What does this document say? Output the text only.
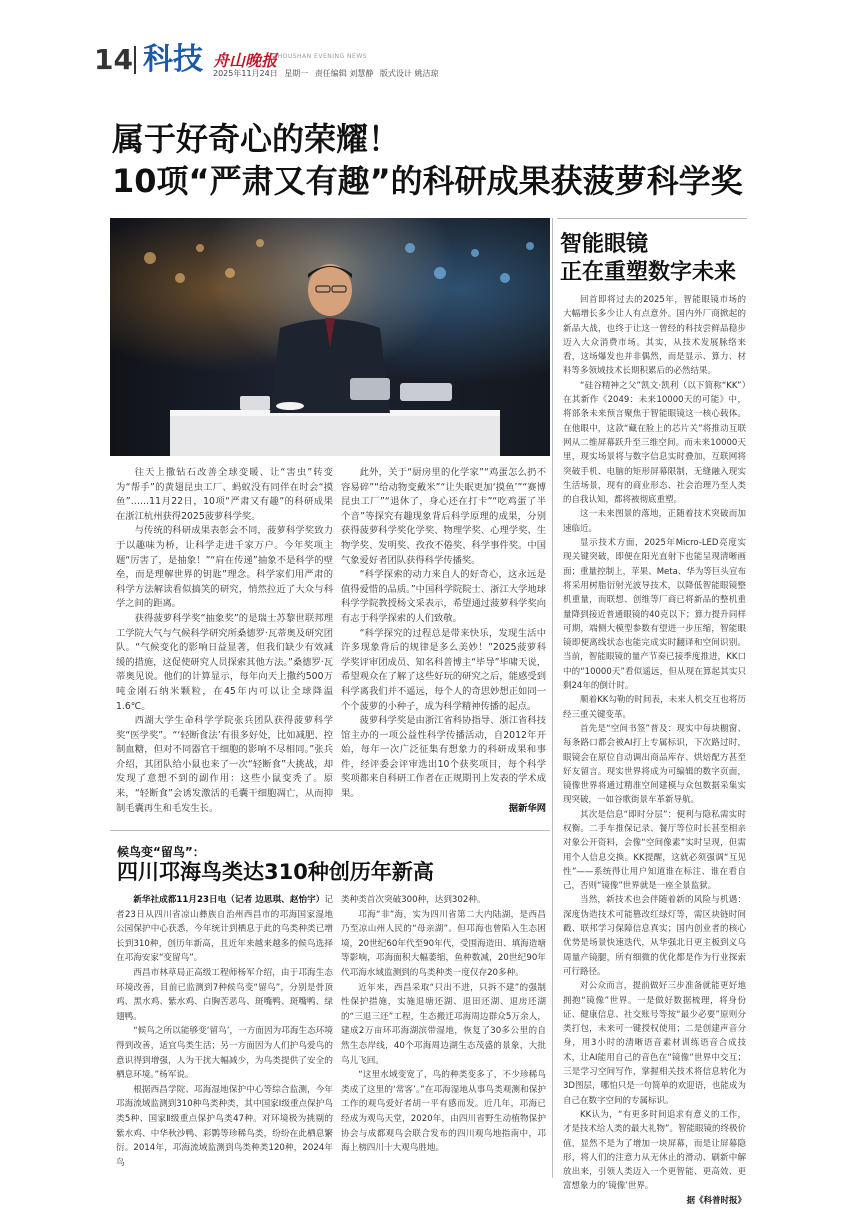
14 科技 舟山晚报
ZHOUSHAN EVENING NEWS
2025年11月24日 星期一 责任编辑 刘慧静 版式设计 姚洁琼
属于好奇心的荣耀！
10项“严肃又有趣”的科研成果获菠萝科学奖

往天上撒钻石改善全球变暖、让“害虫”转变为“帮手”的黄翅昆虫工厂、蚂蚁没有同伴在时会“摸鱼”……11月22日，10项“严肃又有趣”的科研成果在浙江杭州获得2025菠萝科学奖。

与传统的科研成果表彰会不同，菠萝科学奖致力于以趣味为桥，让科学走进千家万户。今年奖项主题“厉害了，是抽象！”“肩在传递”抽象不是科学的壁垒，而是理解世界的钥匙”理念。科学家们用严肃的科学方法解读看似搞笑的研究，悄然拉近了大众与科学之间的距离。

获得菠萝科学奖“抽象奖”的是瑞士苏黎世联邦理工学院大气与气候科学研究所桑德罗·瓦蒂奥及研究团队。“气候变化的影响日益显著，但我们缺少有效减缓的措施，这促使研究人员探索其他方法。”桑德罗·瓦蒂奥见说。他们的计算显示，每年向天上撒约500万吨金刚石纳米颗粒，在45年内可以让全球降温1.6℃。

西湖大学生命科学学院张兵团队获得菠萝科学奖“医学奖”。“‘轻断食法’有很多好处，比如减肥、控制血糖，但对不同器官干细胞的影响不尽相同。”张兵介绍，其团队给小鼠也来了一次“轻断食”大挑战，却发现了意想不到的副作用：这些小鼠变秃了。原来，“轻断食”会诱发激活的毛囊干细胞凋亡，从而抑制毛囊再生和毛发生长。

此外，关于“厨房里的化学家”“鸡蛋怎么扔不容易碎”“给动物变戴米”“让失眠更加‘摸鱼’”“赛博昆虫工厂”“退休了，身心还在打卡”“吃鸡蛋了半个音”等探究有趣现象背后科学原理的成果，分别获得菠萝科学奖化学奖、物理学奖、心理学奖、生物学奖、发明奖、孜孜不倦奖、科学事件奖。中国气象爱好者团队获得科学传播奖。

“科学探索的动力来自人的好奇心，这永远是值得爱惜的品质。”中国科学院院士、浙江大学地球科学学院教授杨文采表示，希望通过菠萝科学奖向有志于科学探索的人们致敬。

“科学探究的过程总是带来快乐，发现生活中许多现象背后的规律是多么美妙！”2025菠萝科学奖评审团成员、知名科普博主“毕导”毕啸天说，希望观众在了解了这些好玩的研究之后，能感受到科学离我们并不遥远，每个人的奇思妙想正如同一个个菠萝的小种子，成为科学精神传播的起点。

菠萝科学奖是由浙江省科协指导、浙江省科技馆主办的一项公益性科学传播活动，自2012年开始，每年一次广泛征集有想象力的科研成果和事件，经评委会评审选出10个获奖项目，每个科学奖项都来自科研工作者在正规期刊上发表的学术成果。

据新华网
智能眼镜
正在重塑数字未来

回首即将过去的2025年，智能眼镜市场的大幅增长多少让人有点意外。国内外厂商掀起的新品大战，也终于让这一曾经的科技尝鲜品稳步迈入大众消费市场。其实，从技术发展脉络来看，这场爆发也并非偶然，而是显示、算力、材料等多领域技术长期积累后的必然结果。

“硅谷精神之父”凯文·凯利（以下简称“KK”）在其新作《2049：未来10000天的可能》中，将部条未来预言聚焦于智能眼镜这一核心载体。在他眼中，这款“藏在脸上的芯片关”将推动互联网从二维屏幕跃升至三维空间。而未来10000天里，现实场景将与数字信息实时叠加，互联网将突破手机、电脑的矩形屏幕限制，无缝融入现实生活场景，现有的商业形态、社会治理乃至人类的自我认知，都将被彻底重塑。

这一未来图景的落地，正随着技术突破而加速临近。

显示技术方面，2025年Micro-LED亮度实现关键突破，即便在阳光直射下也能呈现清晰画面；重量控制上，苹果、Meta、华为等巨头宣布将采用树脂衍射光波导技术，以降低智能眼镜整机重量，而联想、创维等厂商已将新品的整机重量降到接近普通眼镜的40克以下；算力提升同样可期，端侧大模型参数有望进一步压缩，智能眼镜即便离线状态也能完成实时翻译和空间识别。当前，智能眼镜的量产节奏已接季度推进，KK口中的“10000天”看似遥远，但从现在算起其实只剩24年的倒计时。

顺着KK勾勒的时间表，未来人机交互也将历经三重关键变革。

首先是“空间书签”普及：现实中每块橱窗、每条路口都会被AI打上专属标识，下次路过时，眼镜会在原位自动调出商品库存、烘焙配方甚至好友留言。现实世界将成为可编辑的数字页面，镜像世界将通过精准空间建模与众包数据采集实现突破，一如谷歌街景车革新导航。

其次是信息“即时分层”：便利与隐私需实时权衡。二手车推保记录、餐厅等位时长甚至相亲对象公开资料，会像“空间像素”实时呈现，但需用个人信息交换。KK提醒，这就必须强调“互见性”——系统得让用户知道谁在标注、谁在看自己，否则“镜像”世界就是一座全景监狱。

当然，新技术也会伴随着新的风险与机遇：深度伪造技术可能篡改红绿灯等，需区块链时间戳、联邦学习保障信息真实；国内创业者的核心优势是场景快速迭代，从华强北日更主板到义乌周量产镜腿，所有细微的优化都是作为行业探索可行路径。

对公众而言，提前做好三步准备就能更好地拥抱“镜像”世界。一是做好数据梳理，将身份证、健康信息、社交账号等按“最少必要”原则分类打包，未来可一键授权使用；二是创建声音分身，用3小时的清晰语音素材训练语音合成技术，让AI能用自己的音色在“镜像”世界中交互；三是学习空间写作，掌握相关技术将信息转化为3D图层，哪怕只是一句简单的欢迎语，也能成为自己在数字空间的专属标识。

KK认为，“有更多时间追求有意义的工作，才是技术给人类的最大礼物”。智能眼镜的终极价值，显然不是为了增加一块屏幕，而是让屏幕隐形，将人们的注意力从无休止的滑动、刷新中解放出来，引领人类迈入一个更智能、更高效、更富想象力的‘镜像’世界。

据《科普时报》
候鸟变“留鸟”：
四川邛海鸟类达310种创历年新高

新华社成都11月23日电（记者 边思琪、赵怡宇）记者23日从四川省凉山彝族自治州西昌市的邛海国家湿地公园保护中心获悉，今年统计到栖息于此的鸟类种类已增长到310种，创历年新高，且近年来越来越多的候鸟选择在邛海安家“变留鸟”。

西昌市林草局正高级工程师杨军介绍，由于邛海生态环境改善，目前已监测到7种候鸟变“留鸟”，分别是骨顶鸡、黑水鸡、紫水鸡、白胸苦恶鸟、斑嘴鸭、斑嘴鸭、绿翅鸭。

“候鸟之所以能够变‘留鸟’，一方面因为邛海生态环境得到改善，适宜鸟类生活；另一方面因为人们护鸟爱鸟的意识得到增强，人为干扰大幅减少，为鸟类提供了安全的栖息环境。”杨军说。

根据西昌学院、邛海湿地保护中心等综合监测，今年邛海流域监测到310种鸟类种类，其中国家Ⅰ级重点保护鸟类5种、国家Ⅱ级重点保护鸟类47种。对环境极为挑剔的紫水鸡、中华秋沙鸭、彩鹮等珍稀鸟类，纷纷在此栖息繁衍。2014年，邛海流域监测到鸟类种类120种，2024年鸟

类种类首次突破300种，达到302种。

邛海“非”海，实为四川省第二大内陆湖，是西昌乃至凉山州人民的“母亲湖”。但邛海也曾陷入生态困境，20世纪60年代至90年代，受围海造田、填海造塘等影响，邛海面积大幅萎缩，鱼种数减，20世纪90年代邛海水域监测到的鸟类种类一度仅存20多种。

近年来，西昌采取“只出不进，只拆不建”的强制性保护措施，实施退塘还湖、退田还湖、退房还湖的“三退三还”工程，生态搬迁邛海周边群众5万余人，建成2万亩环邛海湖滨带湿地，恢复了30多公里的自然生态岸线，40个邛海周边湖生态茂盛的景象，大批鸟儿飞回。

“这里水域变宽了，鸟的种类变多了，不少珍稀鸟类成了这里的‘常客’。”在邛海湿地从事鸟类观测和保护工作的观鸟爱好者胡一平有感而发。近几年，邛海已经成为观鸟天堂，2020年，由四川省野生动植物保护协会与成都观鸟会联合发布的四川观鸟地指南中，邛海上榜四川十大观鸟胜地。
